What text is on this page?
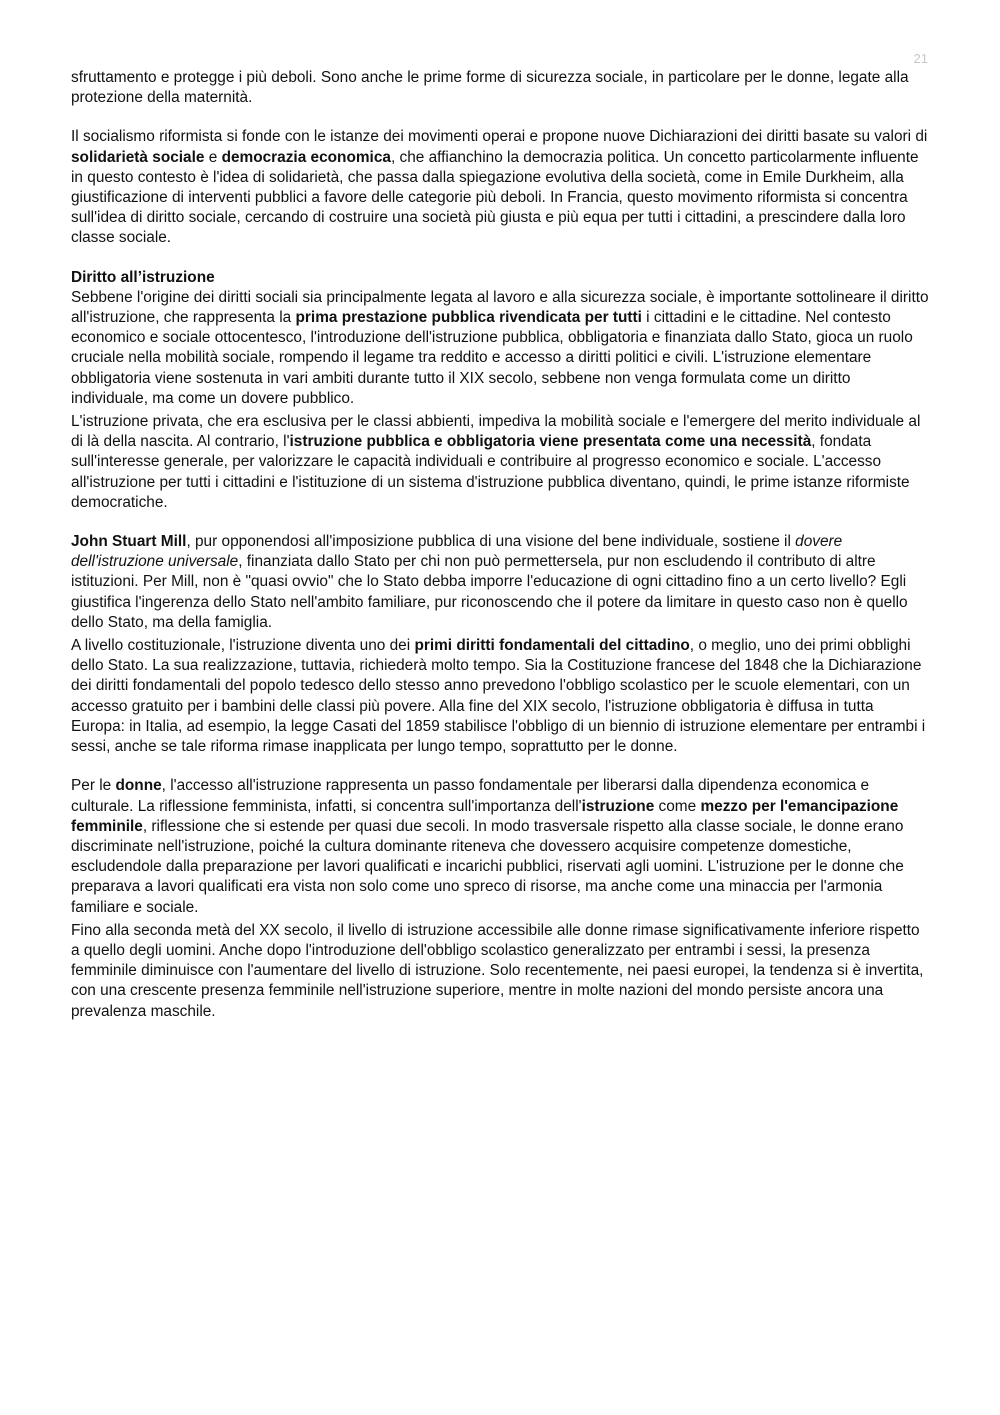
21

sfruttamento e protegge i più deboli. Sono anche le prime forme di sicurezza sociale, in particolare per le donne, legate alla protezione della maternità.

Il socialismo riformista si fonde con le istanze dei movimenti operai e propone nuove Dichiarazioni dei diritti basate su valori di solidarietà sociale e democrazia economica, che affianchino la democrazia politica. Un concetto particolarmente influente in questo contesto è l'idea di solidarietà, che passa dalla spiegazione evolutiva della società, come in Emile Durkheim, alla giustificazione di interventi pubblici a favore delle categorie più deboli. In Francia, questo movimento riformista si concentra sull'idea di diritto sociale, cercando di costruire una società più giusta e più equa per tutti i cittadini, a prescindere dalla loro classe sociale.

Diritto all’istruzione

Sebbene l'origine dei diritti sociali sia principalmente legata al lavoro e alla sicurezza sociale, è importante sottolineare il diritto all'istruzione, che rappresenta la prima prestazione pubblica rivendicata per tutti i cittadini e le cittadine. Nel contesto economico e sociale ottocentesco, l'introduzione dell'istruzione pubblica, obbligatoria e finanziata dallo Stato, gioca un ruolo cruciale nella mobilità sociale, rompendo il legame tra reddito e accesso a diritti politici e civili. L'istruzione elementare obbligatoria viene sostenuta in vari ambiti durante tutto il XIX secolo, sebbene non venga formulata come un diritto individuale, ma come un dovere pubblico.

L'istruzione privata, che era esclusiva per le classi abbienti, impediva la mobilità sociale e l'emergere del merito individuale al di là della nascita. Al contrario, l'istruzione pubblica e obbligatoria viene presentata come una necessità, fondata sull'interesse generale, per valorizzare le capacità individuali e contribuire al progresso economico e sociale. L'accesso all'istruzione per tutti i cittadini e l'istituzione di un sistema d'istruzione pubblica diventano, quindi, le prime istanze riformiste democratiche.

John Stuart Mill, pur opponendosi all'imposizione pubblica di una visione del bene individuale, sostiene il dovere dell'istruzione universale, finanziata dallo Stato per chi non può permettersela, pur non escludendo il contributo di altre istituzioni. Per Mill, non è "quasi ovvio" che lo Stato debba imporre l'educazione di ogni cittadino fino a un certo livello? Egli giustifica l'ingerenza dello Stato nell'ambito familiare, pur riconoscendo che il potere da limitare in questo caso non è quello dello Stato, ma della famiglia.

A livello costituzionale, l'istruzione diventa uno dei primi diritti fondamentali del cittadino, o meglio, uno dei primi obblighi dello Stato. La sua realizzazione, tuttavia, richiederà molto tempo. Sia la Costituzione francese del 1848 che la Dichiarazione dei diritti fondamentali del popolo tedesco dello stesso anno prevedono l'obbligo scolastico per le scuole elementari, con un accesso gratuito per i bambini delle classi più povere. Alla fine del XIX secolo, l'istruzione obbligatoria è diffusa in tutta Europa: in Italia, ad esempio, la legge Casati del 1859 stabilisce l'obbligo di un biennio di istruzione elementare per entrambi i sessi, anche se tale riforma rimase inapplicata per lungo tempo, soprattutto per le donne.

Per le donne, l'accesso all'istruzione rappresenta un passo fondamentale per liberarsi dalla dipendenza economica e culturale. La riflessione femminista, infatti, si concentra sull'importanza dell'istruzione come mezzo per l'emancipazione femminile, riflessione che si estende per quasi due secoli. In modo trasversale rispetto alla classe sociale, le donne erano discriminate nell'istruzione, poiché la cultura dominante riteneva che dovessero acquisire competenze domestiche, escludendole dalla preparazione per lavori qualificati e incarichi pubblici, riservati agli uomini. L'istruzione per le donne che preparava a lavori qualificati era vista non solo come uno spreco di risorse, ma anche come una minaccia per l'armonia familiare e sociale.

Fino alla seconda metà del XX secolo, il livello di istruzione accessibile alle donne rimase significativamente inferiore rispetto a quello degli uomini. Anche dopo l'introduzione dell'obbligo scolastico generalizzato per entrambi i sessi, la presenza femminile diminuisce con l'aumentare del livello di istruzione. Solo recentemente, nei paesi europei, la tendenza si è invertita, con una crescente presenza femminile nell'istruzione superiore, mentre in molte nazioni del mondo persiste ancora una prevalenza maschile.
